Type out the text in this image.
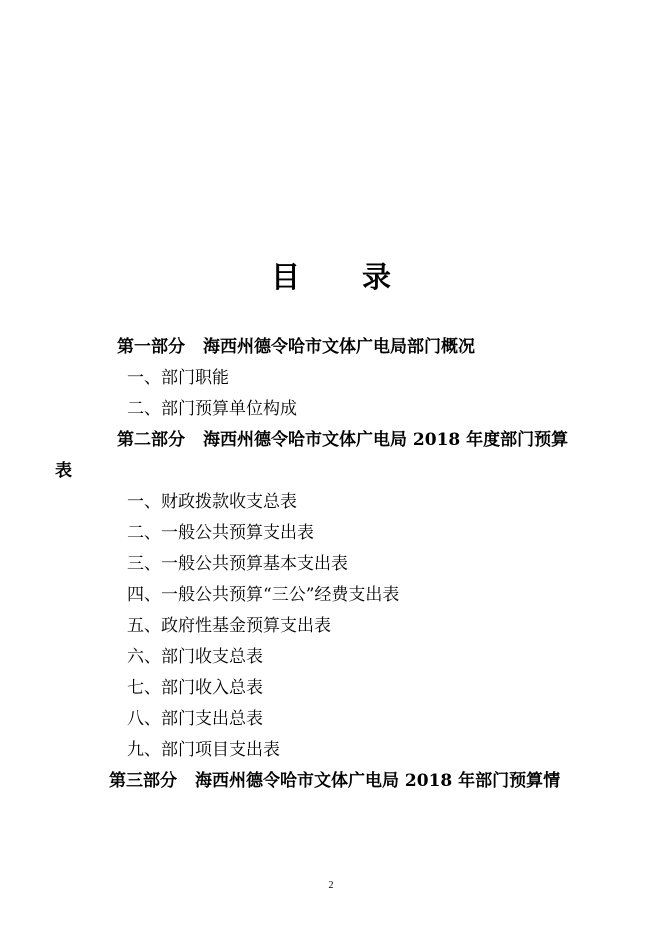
目 录
第一部分 海西州德令哈市文体广电局部门概况
一、部门职能
二、部门预算单位构成
第二部分 海西州德令哈市文体广电局 2018 年度部门预算
表
一、财政拨款收支总表
二、一般公共预算支出表
三、一般公共预算基本支出表
四、一般公共预算“三公”经费支出表
五、政府性基金预算支出表
六、部门收支总表
七、部门收入总表
八、部门支出总表
九、部门项目支出表
第三部分 海西州德令哈市文体广电局 2018 年部门预算情
2
